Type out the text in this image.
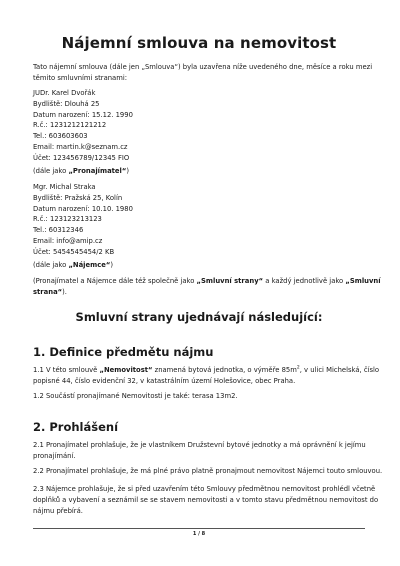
Nájemní smlouva na nemovitost
Tato nájemní smlouva (dále jen „Smlouva“) byla uzavřena níže uvedeného dne, měsíce a roku mezi
těmito smluvními stranami:
JUDr. Karel Dvořák
Bydliště: Dlouhá 25
Datum narození: 15.12. 1990
R.č.: 1231212121212
Tel.: 603603603
Email: martin.k@seznam.cz
Účet: 123456789/12345 FIO
(dále jako „Pronajímatel“)
Mgr. Michal Straka
Bydliště: Pražská 25, Kolín
Datum narození: 10.10. 1980
R.č.: 123123213123
Tel.: 60312346
Email: info@amip.cz
Účet: 5454545454/2 KB
(dále jako „Nájemce“)
(Pronajímatel a Nájemce dále též společně jako „Smluvní strany“ a každý jednotlivě jako „Smluvní
strana“).
Smluvní strany ujednávají následující:
1. Definice předmětu nájmu
1.1 V této smlouvě „Nemovitost“ znamená bytová jednotka, o výměře $85m^2$, v ulici Michelská, číslo
popisné 44, číslo evidenční 32, v katastrálním území Holešovice, obec Praha.
1.2 Součástí pronajímané Nemovitosti je také: terasa 13m2.
2. Prohlášení
2.1 Pronajímatel prohlašuje, že je vlastníkem Družstevní bytové jednotky a má oprávnění k jejímu
pronajímání.
2.2 Pronajímatel prohlašuje, že má plné právo platně pronajmout nemovitost Nájemci touto smlouvou.
2.3 Nájemce prohlašuje, že si před uzavřením této Smlouvy předmětnou nemovitost prohlédl včetně
doplňků a vybavení a seznámil se se stavem nemovitosti a v tomto stavu předmětnou nemovitost do
nájmu přebírá.
1 / 8
